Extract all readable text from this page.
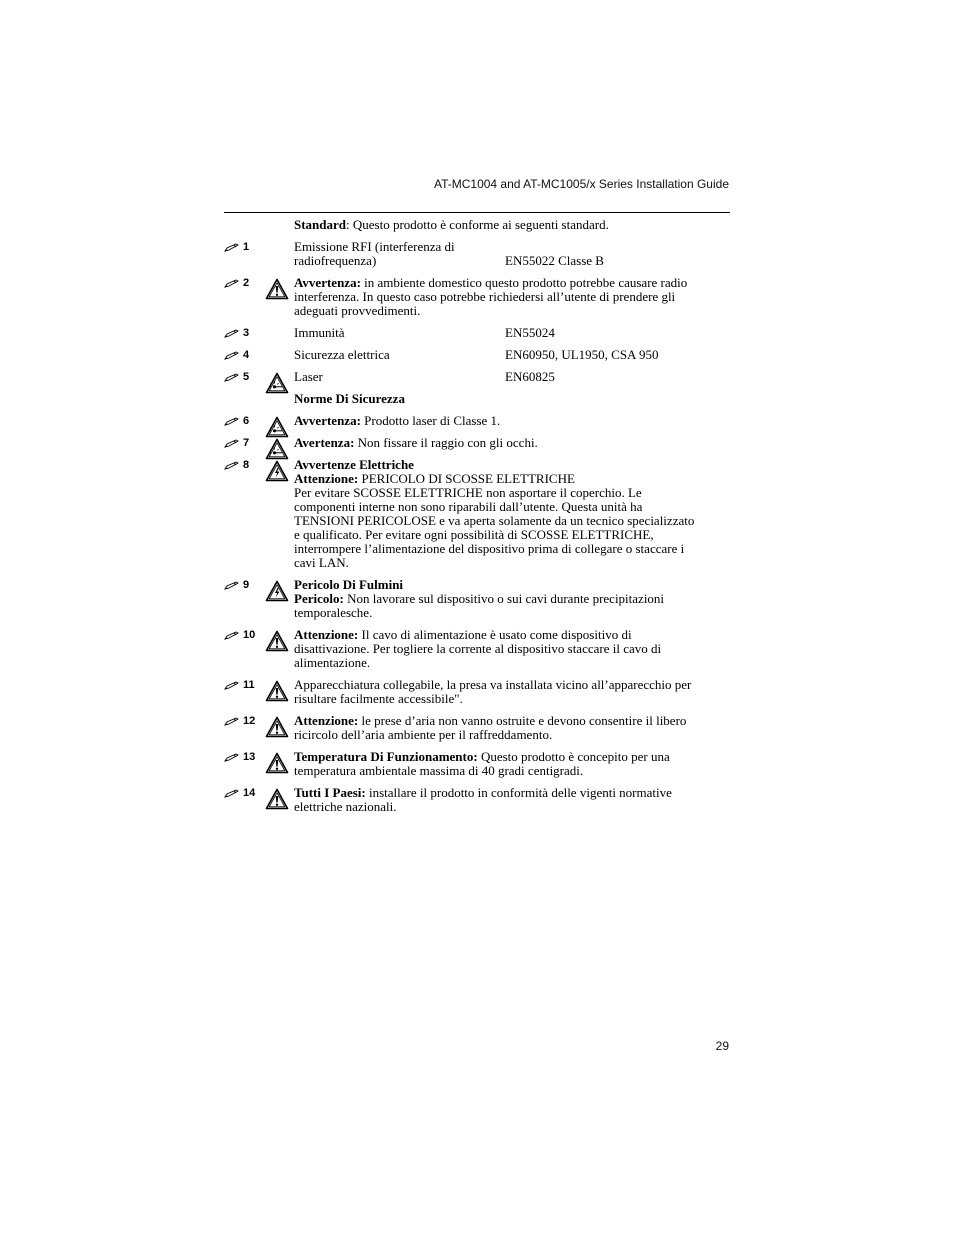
AT-MC1004 and AT-MC1005/x Series Installation Guide
Standard: Questo prodotto è conforme ai seguenti standard.
1	Emissione RFI (interferenza di
radiofrequenza)	EN55022 Classe B
2	Avvertenza: in ambiente domestico questo prodotto potrebbe causare radio
interferenza. In questo caso potrebbe richiedersi all’utente di prendere gli
adeguati provvedimenti.
3	Immunità	EN55024
4	Sicurezza elettrica	EN60950, UL1950, CSA 950
5	Laser	EN60825
Norme Di Sicurezza
6	Avvertenza: Prodotto laser di Classe 1.
7	Avertenza: Non fissare il raggio con gli occhi.
8	Avvertenze Elettriche
Attenzione: PERICOLO DI SCOSSE ELETTRICHE
Per evitare SCOSSE ELETTRICHE non asportare il coperchio. Le
componenti interne non sono riparabili dall’utente. Questa unità ha
TENSIONI PERICOLOSE e va aperta solamente da un tecnico specializzato
e qualificato. Per evitare ogni possibilità di SCOSSE ELETTRICHE,
interrompere l’alimentazione del dispositivo prima di collegare o staccare i
cavi LAN.
9	Pericolo Di Fulmini
Pericolo: Non lavorare sul dispositivo o sui cavi durante precipitazioni
temporalesche.
10	Attenzione: Il cavo di alimentazione è usato come dispositivo di
disattivazione. Per togliere la corrente al dispositivo staccare il cavo di
alimentazione.
11	Apparecchiatura collegabile, la presa va installata vicino all’apparecchio per
risultare facilmente accessibile".
12	Attenzione: le prese d’aria non vanno ostruite e devono consentire il libero
ricircolo dell’aria ambiente per il raffreddamento.
13	Temperatura Di Funzionamento: Questo prodotto è concepito per una
temperatura ambientale massima di 40 gradi centigradi.
14	Tutti I Paesi: installare il prodotto in conformità delle vigenti normative
elettriche nazionali.
29
